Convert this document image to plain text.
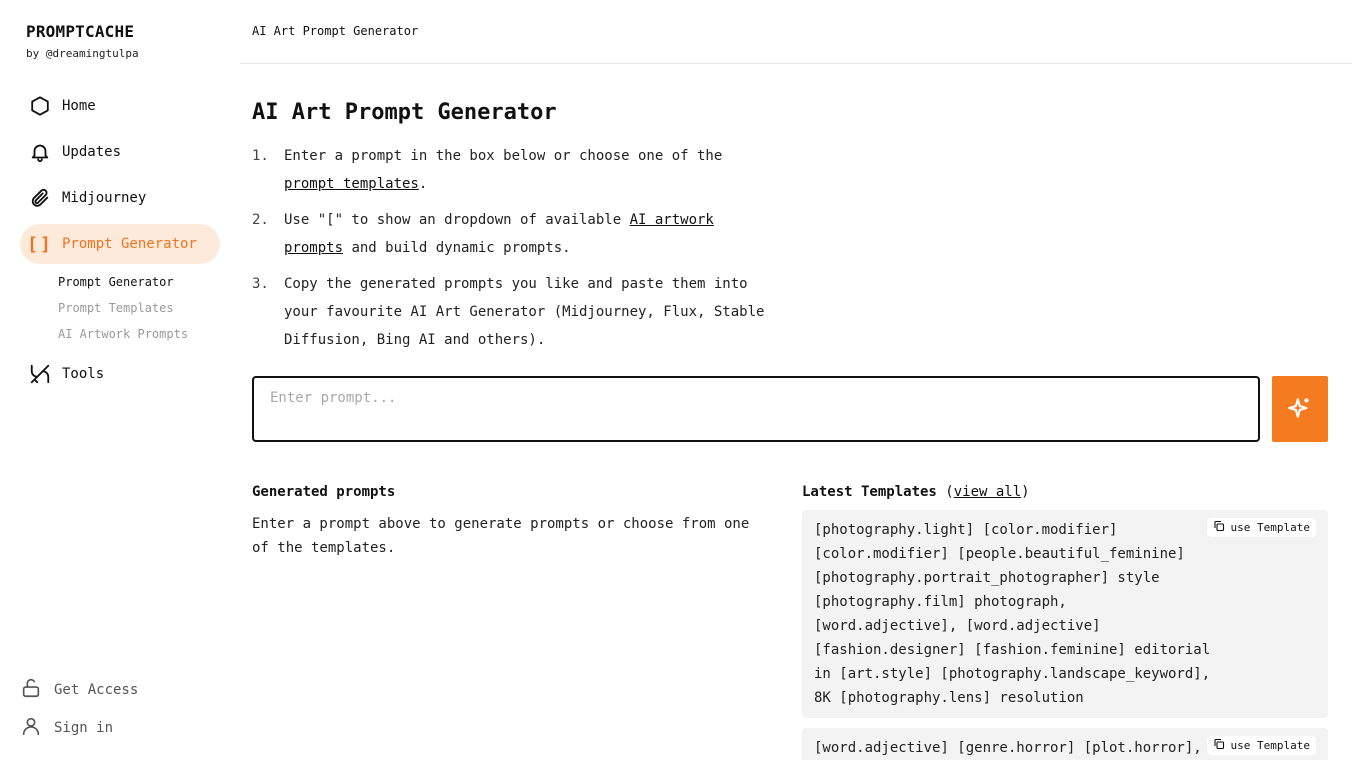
PROMPTCACHE
by @dreamingtulpa
Home
Updates
Midjourney
[] Prompt Generator
Prompt Generator
Prompt Templates
AI Artwork Prompts
Tools
Get Access
Sign in
AI Art Prompt Generator
AI Art Prompt Generator
1.	Enter a prompt in the box below or choose one of the prompt templates.
2.	Use "[" to show an dropdown of available AI artwork prompts and build dynamic prompts.
3.	Copy the generated prompts you like and paste them into your favourite AI Art Generator (Midjourney, Flux, Stable Diffusion, Bing AI and others).
Enter prompt...
Generated prompts
Enter a prompt above to generate prompts or choose from one of the templates.
Latest Templates (view all)
[photography.light] [color.modifier] [color.modifier] [people.beautiful_feminine] [photography.portrait_photographer] style [photography.film] photograph, [word.adjective], [word.adjective] [fashion.designer] [fashion.feminine] editorial in [art.style] [photography.landscape_keyword], 8K [photography.lens] resolution
use Template
[word.adjective] [genre.horror] [plot.horror],	use Template
